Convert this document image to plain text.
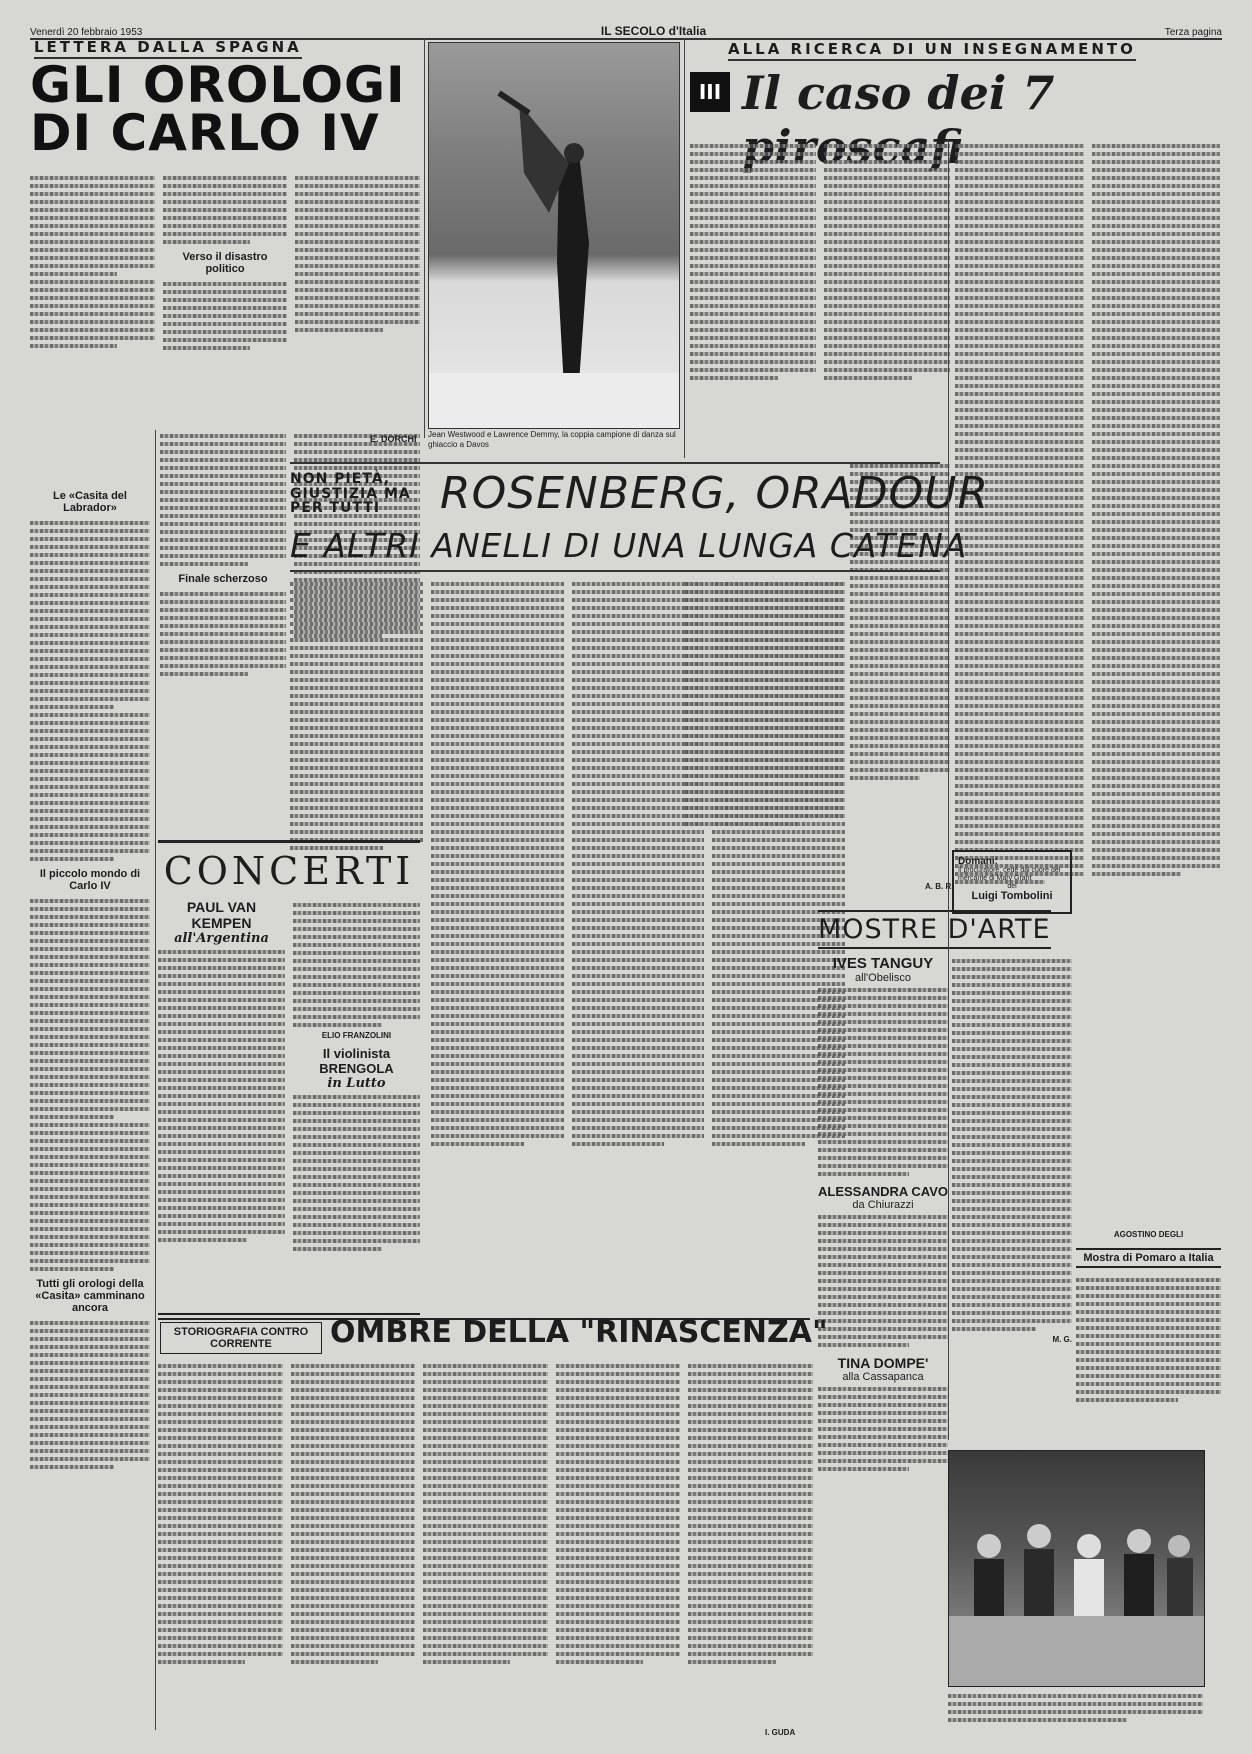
Venerdì 20 febbraio 1953	IL SECOLO d'Italia	Terza pagina
LETTERA DALLA SPAGNA
GLI OROLOGI
DI CARLO IV
Verso il disastro politico
Le «Casita del Labrador»
Il piccolo mondo di Carlo IV
Tutti gli orologi della «Casita» camminano ancora
Finale scherzoso
Jean Westwood e Lawrence Demmy, la coppia campione di danza sul ghiaccio a Davos
E. DORCHI
ALLA RICERCA DI UN INSEGNAMENTO
III Il caso dei 7
Domani:
Il procuratore, cedè dal cuore del mercante di Mary Grant
del
Luigi Tombolini
A. B. R.
NON PIETÀ, GIUSTIZIA MA PER TUTTI	ROSENBERG, ORADOUR
E ALTRI ANELLI DI UNA LUNGA CATENA
CONCERTI
PAUL VAN KEMPEN
all'Argentina
ELIO FRANZOLINI
Il violinista BRENGOLA
in Lutto
MOSTRE D'ARTE
IVES TANGUY
all'Obelisco
ALESSANDRA CAVO
da Chiurazzi
TINA DOMPE'
alla Cassapanca
M. G.
AGOSTINO DEGLI
Mostra di Pomaro a Italia
STORIOGRAFIA CONTRO CORRENTE	OMBRE DELLA "RINASCENZA"
I. GUDA
